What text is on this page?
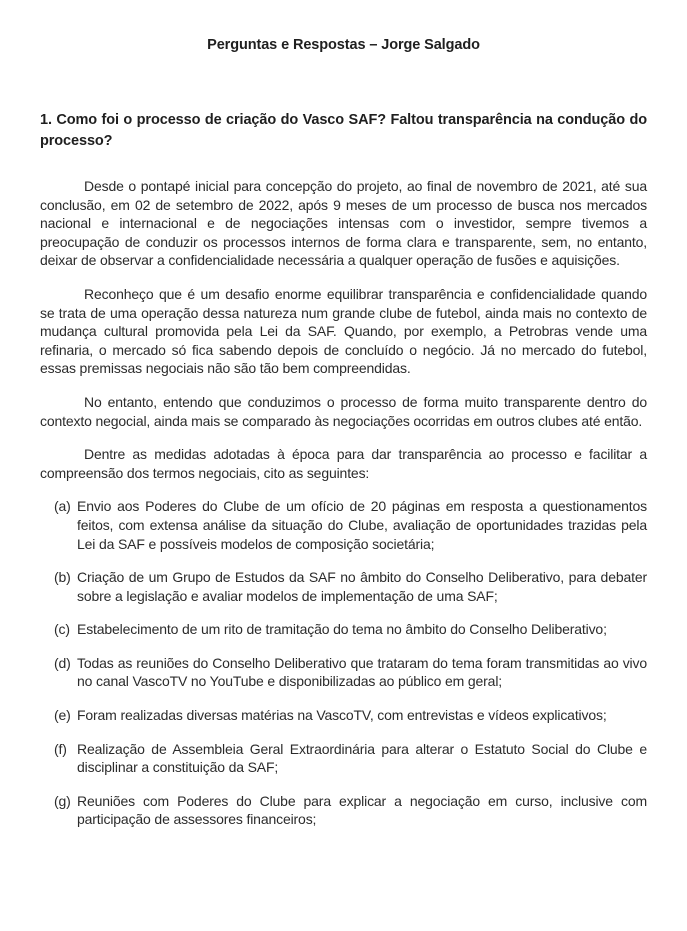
Perguntas e Respostas – Jorge Salgado
1. Como foi o processo de criação do Vasco SAF? Faltou transparência na condução do processo?

Desde o pontapé inicial para concepção do projeto, ao final de novembro de 2021, até sua conclusão, em 02 de setembro de 2022, após 9 meses de um processo de busca nos mercados nacional e internacional e de negociações intensas com o investidor, sempre tivemos a preocupação de conduzir os processos internos de forma clara e transparente, sem, no entanto, deixar de observar a confidencialidade necessária a qualquer operação de fusões e aquisições.

Reconheço que é um desafio enorme equilibrar transparência e confidencialidade quando se trata de uma operação dessa natureza num grande clube de futebol, ainda mais no contexto de mudança cultural promovida pela Lei da SAF. Quando, por exemplo, a Petrobras vende uma refinaria, o mercado só fica sabendo depois de concluído o negócio. Já no mercado do futebol, essas premissas negociais não são tão bem compreendidas.

No entanto, entendo que conduzimos o processo de forma muito transparente dentro do contexto negocial, ainda mais se comparado às negociações ocorridas em outros clubes até então.

Dentre as medidas adotadas à época para dar transparência ao processo e facilitar a compreensão dos termos negociais, cito as seguintes:

(a) Envio aos Poderes do Clube de um ofício de 20 páginas em resposta a questionamentos feitos, com extensa análise da situação do Clube, avaliação de oportunidades trazidas pela Lei da SAF e possíveis modelos de composição societária;
(b) Criação de um Grupo de Estudos da SAF no âmbito do Conselho Deliberativo, para debater sobre a legislação e avaliar modelos de implementação de uma SAF;
(c) Estabelecimento de um rito de tramitação do tema no âmbito do Conselho Deliberativo;
(d) Todas as reuniões do Conselho Deliberativo que trataram do tema foram transmitidas ao vivo no canal VascoTV no YouTube e disponibilizadas ao público em geral;
(e) Foram realizadas diversas matérias na VascoTV, com entrevistas e vídeos explicativos;
(f) Realização de Assembleia Geral Extraordinária para alterar o Estatuto Social do Clube e disciplinar a constituição da SAF;
(g) Reuniões com Poderes do Clube para explicar a negociação em curso, inclusive com participação de assessores financeiros;
